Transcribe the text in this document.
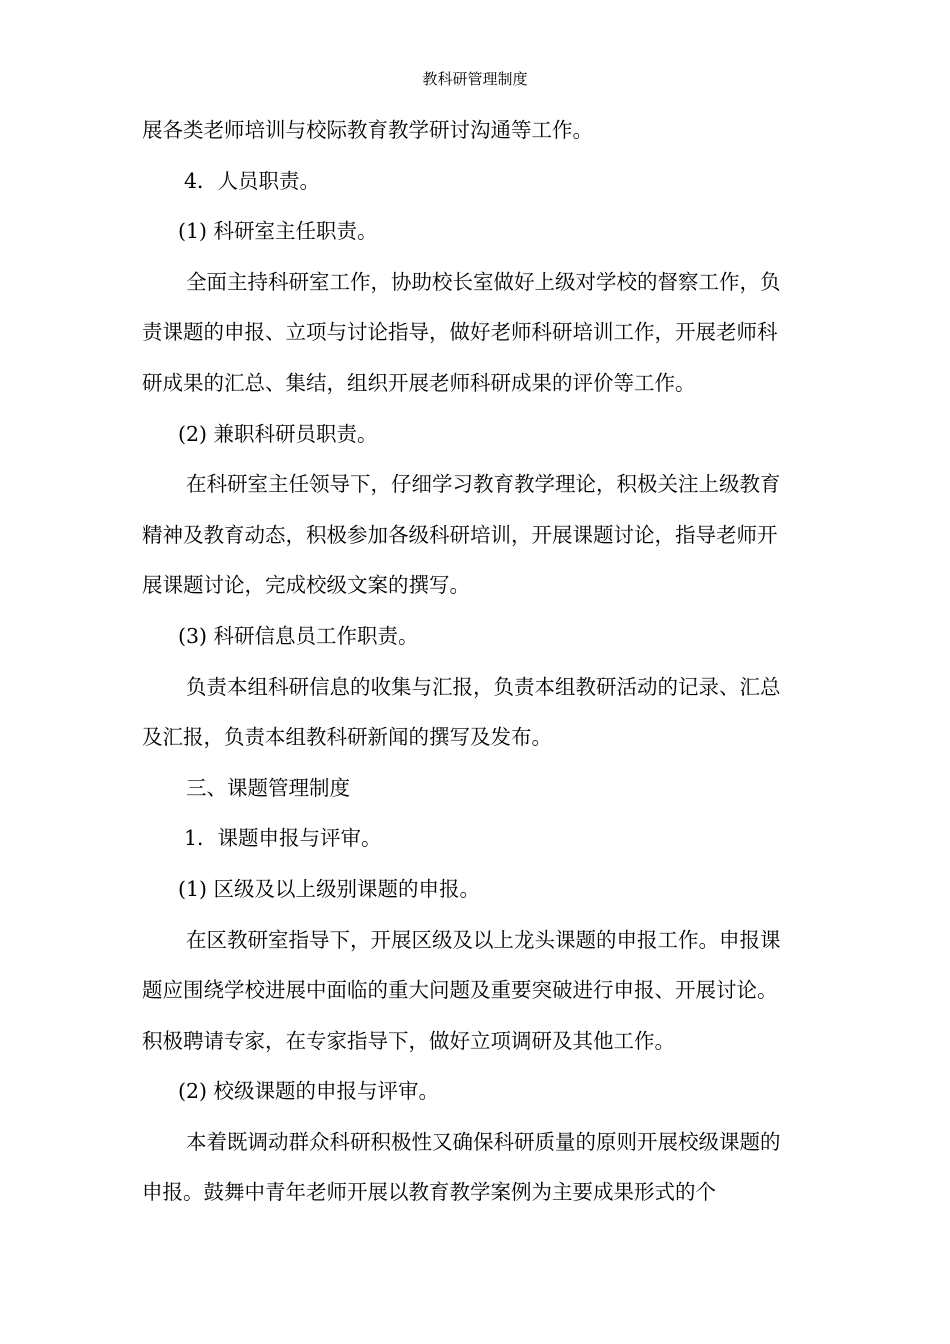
教科研管理制度
展各类老师培训与校际教育教学研讨沟通等工作。
4．人员职责。
(1) 科研室主任职责。
全面主持科研室工作，协助校长室做好上级对学校的督察工作，负
责课题的申报、立项与讨论指导，做好老师科研培训工作，开展老师科
研成果的汇总、集结，组织开展老师科研成果的评价等工作。
(2) 兼职科研员职责。
在科研室主任领导下，仔细学习教育教学理论，积极关注上级教育
精神及教育动态，积极参加各级科研培训，开展课题讨论，指导老师开
展课题讨论，完成校级文案的撰写。
(3) 科研信息员工作职责。
负责本组科研信息的收集与汇报，负责本组教研活动的记录、汇总
及汇报，负责本组教科研新闻的撰写及发布。
三、课题管理制度
1．课题申报与评审。
(1) 区级及以上级别课题的申报。
在区教研室指导下，开展区级及以上龙头课题的申报工作。申报课
题应围绕学校进展中面临的重大问题及重要突破进行申报、开展讨论。
积极聘请专家，在专家指导下，做好立项调研及其他工作。
(2) 校级课题的申报与评审。
本着既调动群众科研积极性又确保科研质量的原则开展校级课题的
申报。鼓舞中青年老师开展以教育教学案例为主要成果形式的个
